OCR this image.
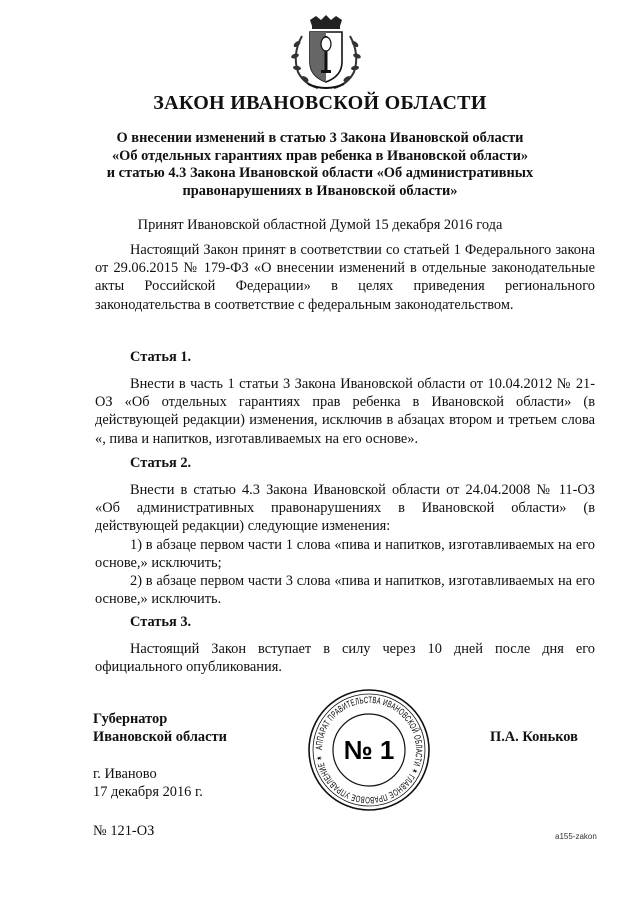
ЗАКОН ИВАНОВСКОЙ ОБЛАСТИ
О внесении изменений в статью 3 Закона Ивановской области
«Об отдельных гарантиях прав ребенка в Ивановской области»
и статью 4.3 Закона Ивановской области «Об административных
правонарушениях в Ивановской области»
Принят Ивановской областной Думой 15 декабря 2016 года
Настоящий Закон принят в соответствии со статьей 1 Федерального закона от 29.06.2015 № 179-ФЗ «О внесении изменений в отдельные законодательные акты Российской Федерации» в целях приведения регионального законодательства в соответствие с федеральным законодательством.
Статья 1.
Внести в часть 1 статьи 3 Закона Ивановской области от 10.04.2012 № 21-ОЗ «Об отдельных гарантиях прав ребенка в Ивановской области» (в действующей редакции) изменения, исключив в абзацах втором и третьем слова «, пива и напитков, изготавливаемых на его основе».
Статья 2.
Внести в статью 4.3 Закона Ивановской области от 24.04.2008 № 11-ОЗ «Об административных правонарушениях в Ивановской области» (в действующей редакции) следующие изменения:
1) в абзаце первом части 1 слова «пива и напитков, изготавливаемых на его основе,» исключить;
2) в абзаце первом части 3 слова «пива и напитков, изготавливаемых на его основе,» исключить.
Статья 3.
Настоящий Закон вступает в силу через 10 дней после дня его официального опубликования.
Губернатор
Ивановской области	П.А. Коньков
г. Иваново
17 декабря 2016 г.
№ 121-ОЗ	а155-zakon
АППАРАТ ПРАВИТЕЛЬСТВА ИВАНОВСКОЙ ОБЛАСТИ ✶ ГЛАВНОЕ ПРАВОВОЕ УПРАВЛЕНИЕ ✶ № 1
